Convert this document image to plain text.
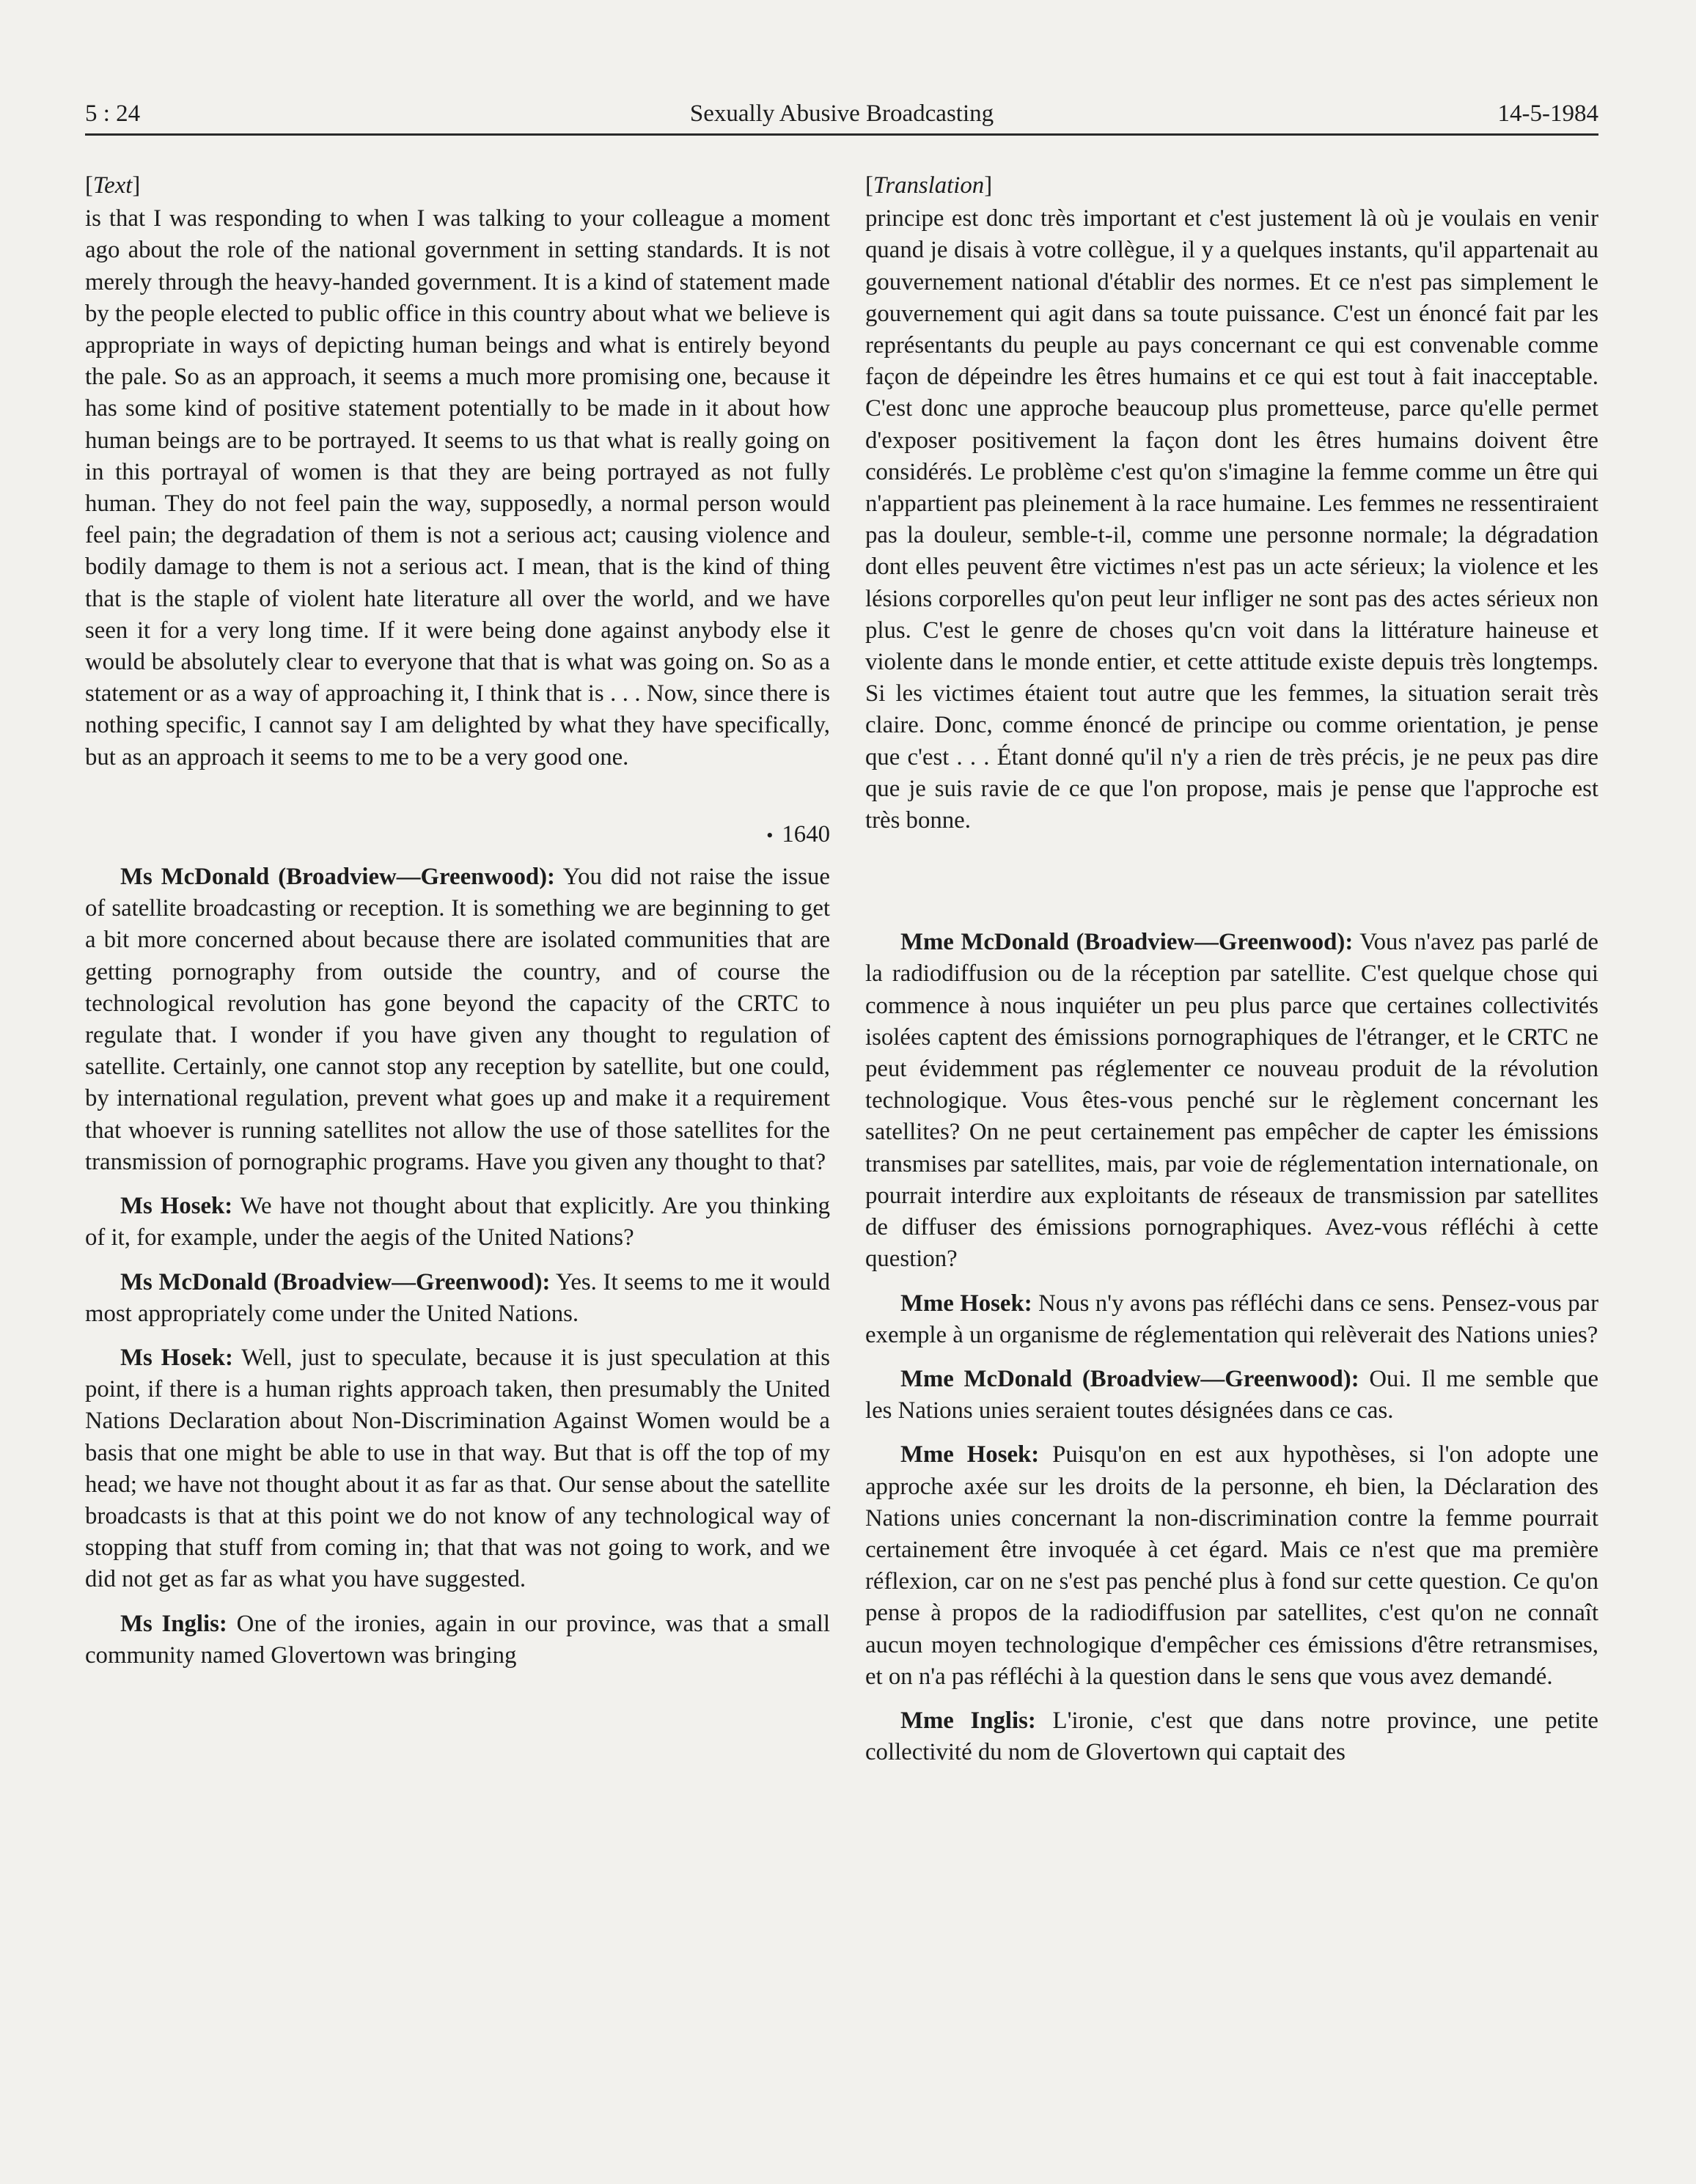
5 : 24	Sexually Abusive Broadcasting	14-5-1984
[Text]

is that I was responding to when I was talking to your colleague a moment ago about the role of the national government in setting standards. It is not merely through the heavy-handed government. It is a kind of statement made by the people elected to public office in this country about what we believe is appropriate in ways of depicting human beings and what is entirely beyond the pale. So as an approach, it seems a much more promising one, because it has some kind of positive statement potentially to be made in it about how human beings are to be portrayed. It seems to us that what is really going on in this portrayal of women is that they are being portrayed as not fully human. They do not feel pain the way, supposedly, a normal person would feel pain; the degradation of them is not a serious act; causing violence and bodily damage to them is not a serious act. I mean, that is the kind of thing that is the staple of violent hate literature all over the world, and we have seen it for a very long time. If it were being done against anybody else it would be absolutely clear to everyone that that is what was going on. So as a statement or as a way of approaching it, I think that is . . . Now, since there is nothing specific, I cannot say I am delighted by what they have specifically, but as an approach it seems to me to be a very good one.

• 1640

Ms McDonald (Broadview—Greenwood): You did not raise the issue of satellite broadcasting or reception. It is something we are beginning to get a bit more concerned about because there are isolated communities that are getting pornography from outside the country, and of course the technological revolution has gone beyond the capacity of the CRTC to regulate that. I wonder if you have given any thought to regulation of satellite. Certainly, one cannot stop any reception by satellite, but one could, by international regulation, prevent what goes up and make it a requirement that whoever is running satellites not allow the use of those satellites for the transmission of pornographic programs. Have you given any thought to that?

Ms Hosek: We have not thought about that explicitly. Are you thinking of it, for example, under the aegis of the United Nations?

Ms McDonald (Broadview—Greenwood): Yes. It seems to me it would most appropriately come under the United Nations.

Ms Hosek: Well, just to speculate, because it is just speculation at this point, if there is a human rights approach taken, then presumably the United Nations Declaration about Non-Discrimination Against Women would be a basis that one might be able to use in that way. But that is off the top of my head; we have not thought about it as far as that. Our sense about the satellite broadcasts is that at this point we do not know of any technological way of stopping that stuff from coming in; that that was not going to work, and we did not get as far as what you have suggested.

Ms Inglis: One of the ironies, again in our province, was that a small community named Glovertown was bringing

[Translation]

principe est donc très important et c'est justement là où je voulais en venir quand je disais à votre collègue, il y a quelques instants, qu'il appartenait au gouvernement national d'établir des normes. Et ce n'est pas simplement le gouvernement qui agit dans sa toute puissance. C'est un énoncé fait par les représentants du peuple au pays concernant ce qui est convenable comme façon de dépeindre les êtres humains et ce qui est tout à fait inacceptable. C'est donc une approche beaucoup plus prometteuse, parce qu'elle permet d'exposer positivement la façon dont les êtres humains doivent être considérés. Le problème c'est qu'on s'imagine la femme comme un être qui n'appartient pas pleinement à la race humaine. Les femmes ne ressentiraient pas la douleur, semble-t-il, comme une personne normale; la dégradation dont elles peuvent être victimes n'est pas un acte sérieux; la violence et les lésions corporelles qu'on peut leur infliger ne sont pas des actes sérieux non plus. C'est le genre de choses qu'cn voit dans la littérature haineuse et violente dans le monde entier, et cette attitude existe depuis très longtemps. Si les victimes étaient tout autre que les femmes, la situation serait très claire. Donc, comme énoncé de principe ou comme orientation, je pense que c'est . . . Étant donné qu'il n'y a rien de très précis, je ne peux pas dire que je suis ravie de ce que l'on propose, mais je pense que l'approche est très bonne.

Mme McDonald (Broadview—Greenwood): Vous n'avez pas parlé de la radiodiffusion ou de la réception par satellite. C'est quelque chose qui commence à nous inquiéter un peu plus parce que certaines collectivités isolées captent des émissions pornographiques de l'étranger, et le CRTC ne peut évidemment pas réglementer ce nouveau produit de la révolution technologique. Vous êtes-vous penché sur le règlement concernant les satellites? On ne peut certainement pas empêcher de capter les émissions transmises par satellites, mais, par voie de réglementation internationale, on pourrait interdire aux exploitants de réseaux de transmission par satellites de diffuser des émissions pornographiques. Avez-vous réfléchi à cette question?

Mme Hosek: Nous n'y avons pas réfléchi dans ce sens. Pensez-vous par exemple à un organisme de réglementation qui relèverait des Nations unies?

Mme McDonald (Broadview—Greenwood): Oui. Il me semble que les Nations unies seraient toutes désignées dans ce cas.

Mme Hosek: Puisqu'on en est aux hypothèses, si l'on adopte une approche axée sur les droits de la personne, eh bien, la Déclaration des Nations unies concernant la non-discrimination contre la femme pourrait certainement être invoquée à cet égard. Mais ce n'est que ma première réflexion, car on ne s'est pas penché plus à fond sur cette question. Ce qu'on pense à propos de la radiodiffusion par satellites, c'est qu'on ne connaît aucun moyen technologique d'empêcher ces émissions d'être retransmises, et on n'a pas réfléchi à la question dans le sens que vous avez demandé.

Mme Inglis: L'ironie, c'est que dans notre province, une petite collectivité du nom de Glovertown qui captait des
